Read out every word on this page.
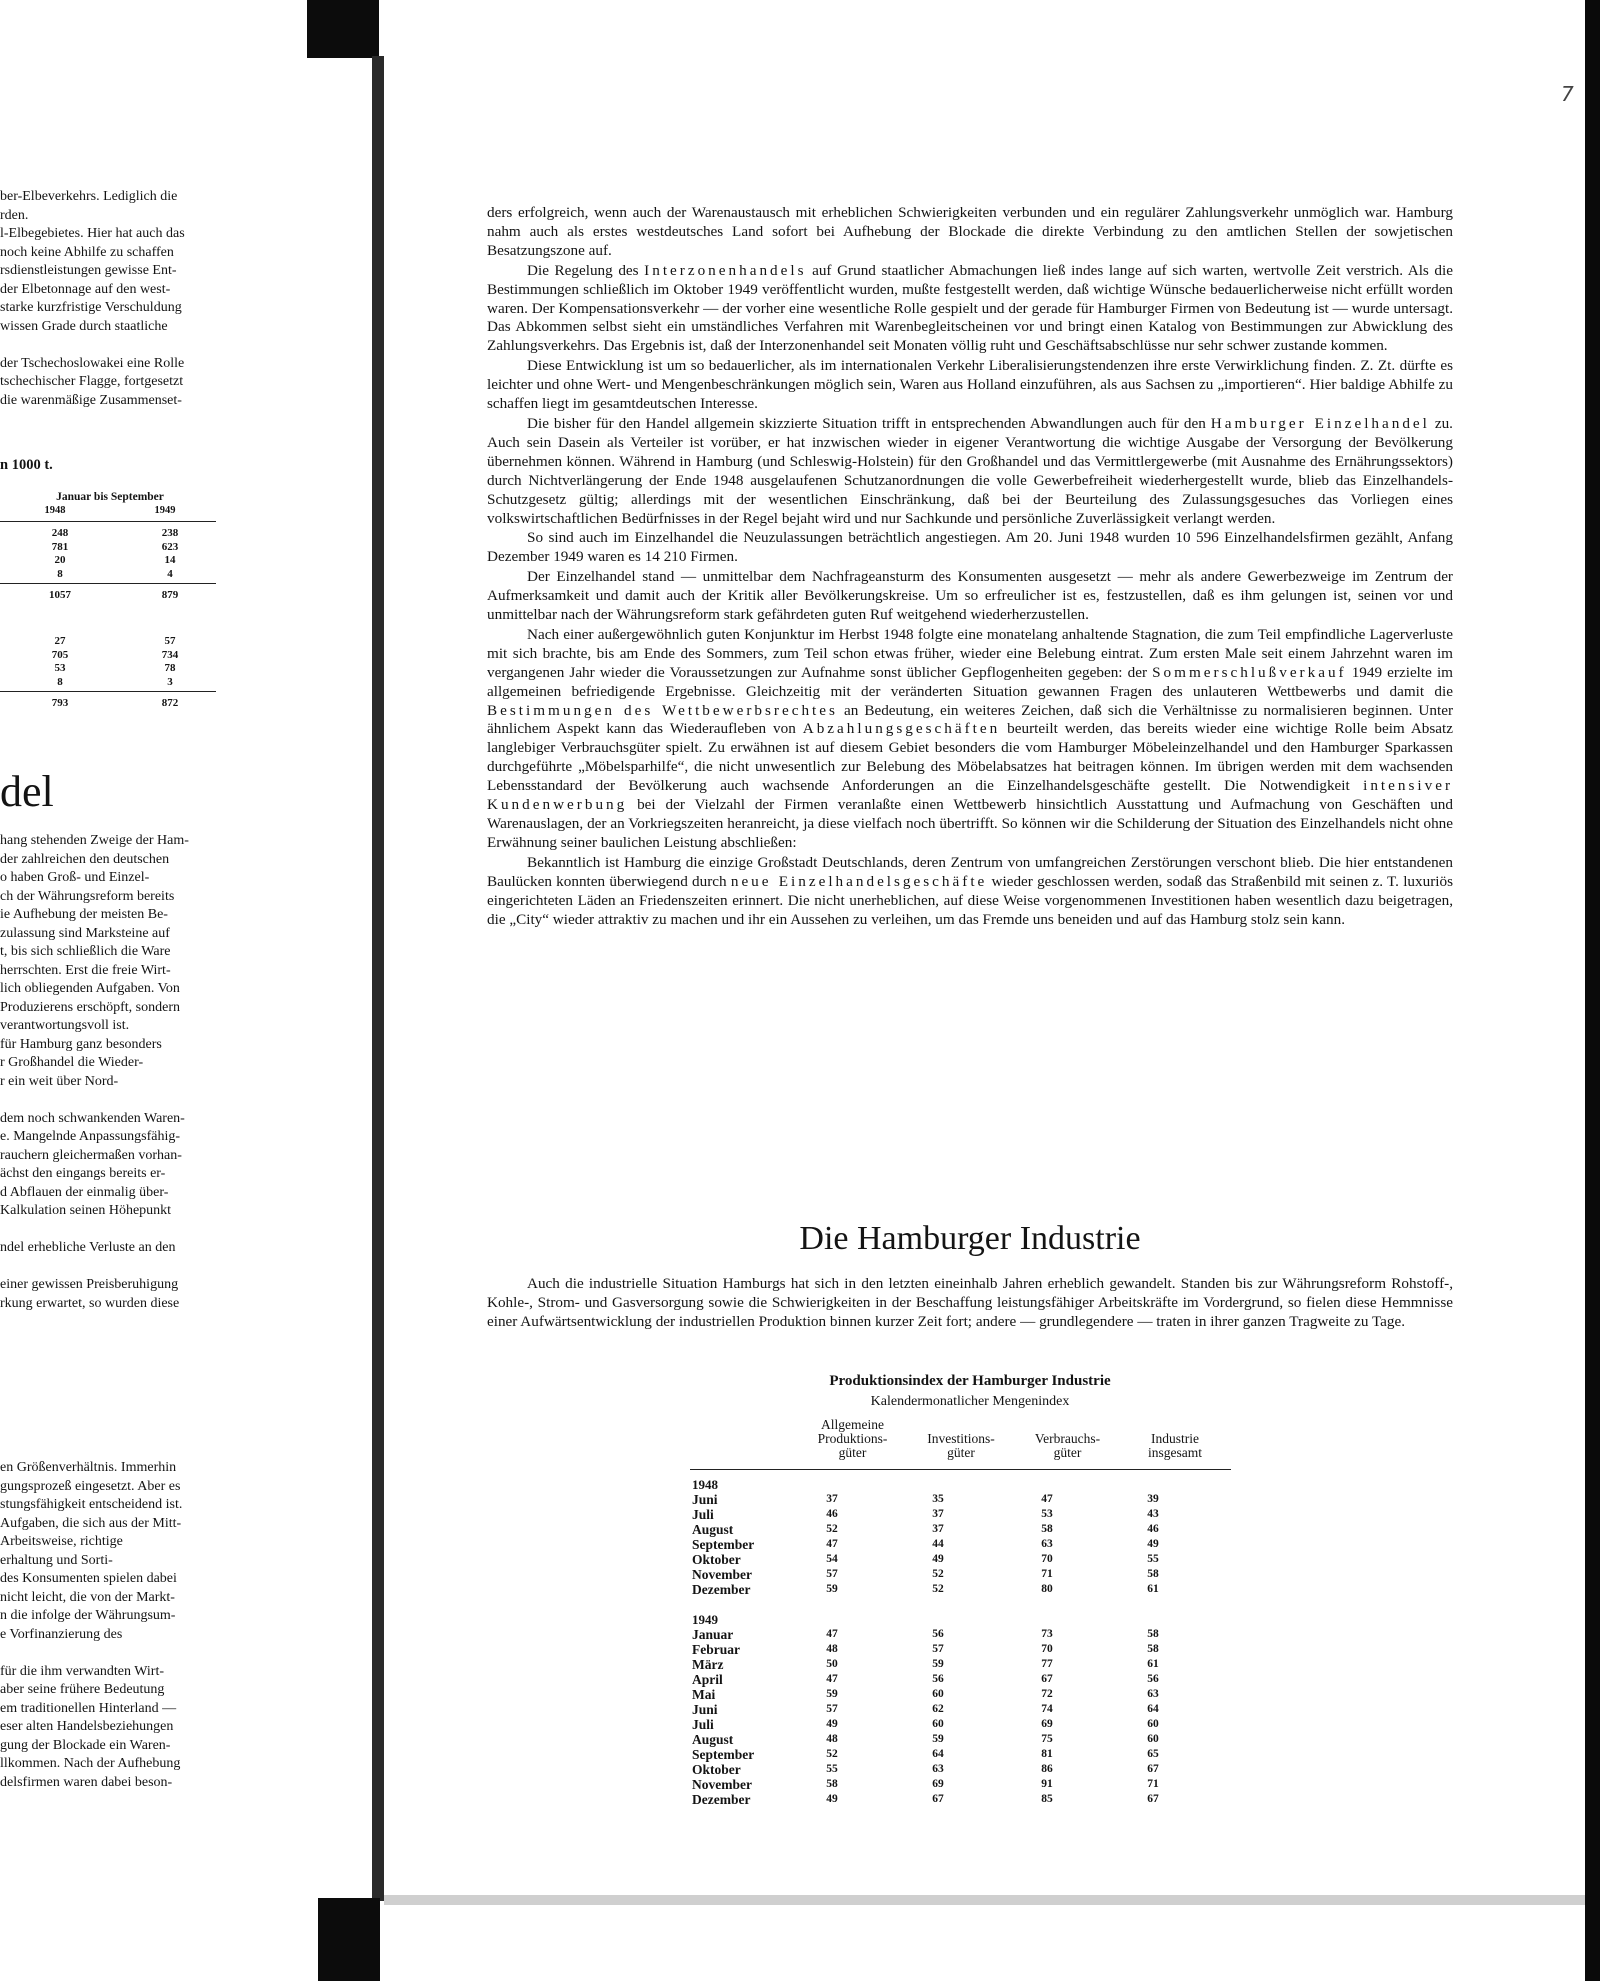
7
ber-Elbeverkehrs. Lediglich die
rden.
l-Elbegebietes. Hier hat auch das
noch keine Abhilfe zu schaffen
rsdienstleistungen gewisse Ent-
der Elbetonnage auf den west-
starke kurzfristige Verschuldung
wissen Grade durch staatliche

der Tschechoslowakei eine Rolle
tschechischer Flagge, fortgesetzt
die warenmäßige Zusammenset-
n 1000 t.
Januar bis September
1948	1949
248	238
781	623
20	14
8	4
1057	879
27	57
705	734
53	78
8	3
793	872
del
hang stehenden Zweige der Ham-
der zahlreichen den deutschen
o haben Groß- und Einzel-
ch der Währungsreform bereits
ie Aufhebung der meisten Be-
zulassung sind Marksteine auf
t, bis sich schließlich die Ware
herrschten. Erst die freie Wirt-
lich obliegenden Aufgaben. Von
Produzierens erschöpft, sondern
verantwortungsvoll ist.
für Hamburg ganz besonders
r Großhandel die Wieder-
r ein weit über Nord-

dem noch schwankenden Waren-
e. Mangelnde Anpassungsfähig-
rauchern gleichermaßen vorhan-
ächst den eingangs bereits er-
d Abflauen der einmalig über-
Kalkulation seinen Höhepunkt

ndel erhebliche Verluste an den

einer gewissen Preisberuhigung
rkung erwartet, so wurden diese
en Größenverhältnis. Immerhin
gungsprozeß eingesetzt. Aber es
stungsfähigkeit entscheidend ist.
Aufgaben, die sich aus der Mitt-
Arbeitsweise, richtige
erhaltung und Sorti-
des Konsumenten spielen dabei
nicht leicht, die von der Markt-
n die infolge der Währungsum-
e Vorfinanzierung des

für die ihm verwandten Wirt-
aber seine frühere Bedeutung
em traditionellen Hinterland —
eser alten Handelsbeziehungen
gung der Blockade ein Waren-
llkommen. Nach der Aufhebung
delsfirmen waren dabei beson-

ders erfolgreich, wenn auch der Warenaustausch mit erheblichen Schwierigkeiten verbunden und ein regulärer Zahlungsverkehr unmöglich war. Hamburg nahm auch als erstes westdeutsches Land sofort bei Aufhebung der Blockade die direkte Verbindung zu den amtlichen Stellen der sowjetischen Besatzungszone auf.

Die Regelung des Interzonenhandels auf Grund staatlicher Abmachungen ließ indes lange auf sich warten, wertvolle Zeit verstrich. Als die Bestimmungen schließlich im Oktober 1949 veröffentlicht wurden, mußte festgestellt werden, daß wichtige Wünsche bedauerlicherweise nicht erfüllt worden waren. Der Kompensationsverkehr — der vorher eine wesentliche Rolle gespielt und der gerade für Hamburger Firmen von Bedeutung ist — wurde untersagt. Das Abkommen selbst sieht ein umständliches Verfahren mit Warenbegleitscheinen vor und bringt einen Katalog von Bestimmungen zur Abwicklung des Zahlungsverkehrs. Das Ergebnis ist, daß der Interzonenhandel seit Monaten völlig ruht und Geschäftsabschlüsse nur sehr schwer zustande kommen.

Diese Entwicklung ist um so bedauerlicher, als im internationalen Verkehr Liberalisierungstendenzen ihre erste Verwirklichung finden. Z. Zt. dürfte es leichter und ohne Wert- und Mengenbeschränkungen möglich sein, Waren aus Holland einzuführen, als aus Sachsen zu „importieren“. Hier baldige Abhilfe zu schaffen liegt im gesamtdeutschen Interesse.

Die bisher für den Handel allgemein skizzierte Situation trifft in entsprechenden Abwandlungen auch für den Hamburger Einzelhandel zu. Auch sein Dasein als Verteiler ist vorüber, er hat inzwischen wieder in eigener Verantwortung die wichtige Ausgabe der Versorgung der Bevölkerung übernehmen können. Während in Hamburg (und Schleswig-Holstein) für den Großhandel und das Vermittlergewerbe (mit Ausnahme des Ernährungssektors) durch Nichtverlängerung der Ende 1948 ausgelaufenen Schutzanordnungen die volle Gewerbefreiheit wiederhergestellt wurde, blieb das Einzelhandels-Schutzgesetz gültig; allerdings mit der wesentlichen Einschränkung, daß bei der Beurteilung des Zulassungsgesuches das Vorliegen eines volkswirtschaftlichen Bedürfnisses in der Regel bejaht wird und nur Sachkunde und persönliche Zuverlässigkeit verlangt werden.

So sind auch im Einzelhandel die Neuzulassungen beträchtlich angestiegen. Am 20. Juni 1948 wurden 10 596 Einzelhandelsfirmen gezählt, Anfang Dezember 1949 waren es 14 210 Firmen.

Der Einzelhandel stand — unmittelbar dem Nachfrageansturm des Konsumenten ausgesetzt — mehr als andere Gewerbezweige im Zentrum der Aufmerksamkeit und damit auch der Kritik aller Bevölkerungskreise. Um so erfreulicher ist es, festzustellen, daß es ihm gelungen ist, seinen vor und unmittelbar nach der Währungsreform stark gefährdeten guten Ruf weitgehend wiederherzustellen.

Nach einer außergewöhnlich guten Konjunktur im Herbst 1948 folgte eine monatelang anhaltende Stagnation, die zum Teil empfindliche Lagerverluste mit sich brachte, bis am Ende des Sommers, zum Teil schon etwas früher, wieder eine Belebung eintrat. Zum ersten Male seit einem Jahrzehnt waren im vergangenen Jahr wieder die Voraussetzungen zur Aufnahme sonst üblicher Gepflogenheiten gegeben: der Sommerschlußverkauf 1949 erzielte im allgemeinen befriedigende Ergebnisse. Gleichzeitig mit der veränderten Situation gewannen Fragen des unlauteren Wettbewerbs und damit die Bestimmungen des Wettbewerbsrechtes an Bedeutung, ein weiteres Zeichen, daß sich die Verhältnisse zu normalisieren beginnen. Unter ähnlichem Aspekt kann das Wiederaufleben von Abzahlungsgeschäften beurteilt werden, das bereits wieder eine wichtige Rolle beim Absatz langlebiger Verbrauchsgüter spielt. Zu erwähnen ist auf diesem Gebiet besonders die vom Hamburger Möbeleinzelhandel und den Hamburger Sparkassen durchgeführte „Möbelsparhilfe“, die nicht unwesentlich zur Belebung des Möbelabsatzes hat beitragen können. Im übrigen werden mit dem wachsenden Lebensstandard der Bevölkerung auch wachsende Anforderungen an die Einzelhandelsgeschäfte gestellt. Die Notwendigkeit intensiver Kundenwerbung bei der Vielzahl der Firmen veranlaßte einen Wettbewerb hinsichtlich Ausstattung und Aufmachung von Geschäften und Warenauslagen, der an Vorkriegszeiten heranreicht, ja diese vielfach noch übertrifft. So können wir die Schilderung der Situation des Einzelhandels nicht ohne Erwähnung seiner baulichen Leistung abschließen:

Bekanntlich ist Hamburg die einzige Großstadt Deutschlands, deren Zentrum von umfangreichen Zerstörungen verschont blieb. Die hier entstandenen Baulücken konnten überwiegend durch neue Einzelhandelsgeschäfte wieder geschlossen werden, sodaß das Straßenbild mit seinen z. T. luxuriös eingerichteten Läden an Friedenszeiten erinnert. Die nicht unerheblichen, auf diese Weise vorgenommenen Investitionen haben wesentlich dazu beigetragen, die „City“ wieder attraktiv zu machen und ihr ein Aussehen zu verleihen, um das Fremde uns beneiden und auf das Hamburg stolz sein kann.

Die Hamburger Industrie

Auch die industrielle Situation Hamburgs hat sich in den letzten eineinhalb Jahren erheblich gewandelt. Standen bis zur Währungsreform Rohstoff-, Kohle-, Strom- und Gasversorgung sowie die Schwierigkeiten in der Beschaffung leistungsfähiger Arbeitskräfte im Vordergrund, so fielen diese Hemmnisse einer Aufwärtsentwicklung der industriellen Produktion binnen kurzer Zeit fort; andere — grundlegendere — traten in ihrer ganzen Tragweite zu Tage.

Produktionsindex der Hamburger Industrie
Kalendermonatlicher Mengenindex
Allgemeine
Produktions-
güter
Investitions-
güter
Verbrauchs-
güter
Industrie
insgesamt
1948
Juni	37	35	47	39
Juli	46	37	53	43
August	52	37	58	46
September	47	44	63	49
Oktober	54	49	70	55
November	57	52	71	58
Dezember	59	52	80	61
1949
Januar	47	56	73	58
Februar	48	57	70	58
März	50	59	77	61
April	47	56	67	56
Mai	59	60	72	63
Juni	57	62	74	64
Juli	49	60	69	60
August	48	59	75	60
September	52	64	81	65
Oktober	55	63	86	67
November	58	69	91	71
Dezember	49	67	85	67
